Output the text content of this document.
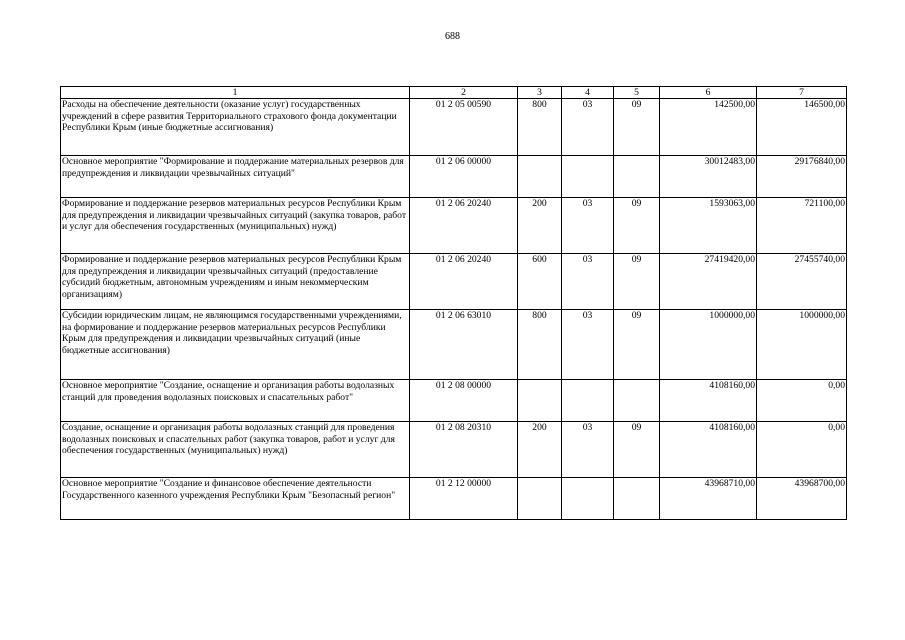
688
1	2	3	4	5	6	7
Расходы на обеспечение деятельности (оказание услуг) государственных учреждений в сфере развития Территориального страхового фонда документации Республики Крым (иные бюджетные ассигнования)	01 2 05 00590	800	03	09	142500,00	146500,00
Основное мероприятие "Формирование и поддержание материальных резервов для предупреждения и ликвидации чрезвычайных ситуаций"	01 2 06 00000				30012483,00	29176840,00
Формирование и поддержание резервов материальных ресурсов Республики Крым для предупреждения и ликвидации чрезвычайных ситуаций (закупка товаров, работ и услуг для обеспечения государственных (муниципальных) нужд)	01 2 06 20240	200	03	09	1593063,00	721100,00
Формирование и поддержание резервов материальных ресурсов Республики Крым для предупреждения и ликвидации чрезвычайных ситуаций (предоставление субсидий бюджетным, автономным учреждениям и иным некоммерческим организациям)	01 2 06 20240	600	03	09	27419420,00	27455740,00
Субсидии юридическим лицам, не являющимся государственными учреждениями, на формирование и поддержание резервов материальных ресурсов Республики Крым для предупреждения и ликвидации чрезвычайных ситуаций (иные бюджетные ассигнования)	01 2 06 63010	800	03	09	1000000,00	1000000,00
Основное мероприятие "Создание, оснащение и организация работы водолазных станций для проведения водолазных поисковых и спасательных работ"	01 2 08 00000				4108160,00	0,00
Создание, оснащение и организация работы водолазных станций для проведения водолазных поисковых и спасательных работ (закупка товаров, работ и услуг для обеспечения государственных (муниципальных) нужд)	01 2 08 20310	200	03	09	4108160,00	0,00
Основное мероприятие "Создание и финансовое обеспечение деятельности Государственного казенного учреждения Республики Крым "Безопасный регион"	01 2 12 00000				43968710,00	43968700,00
